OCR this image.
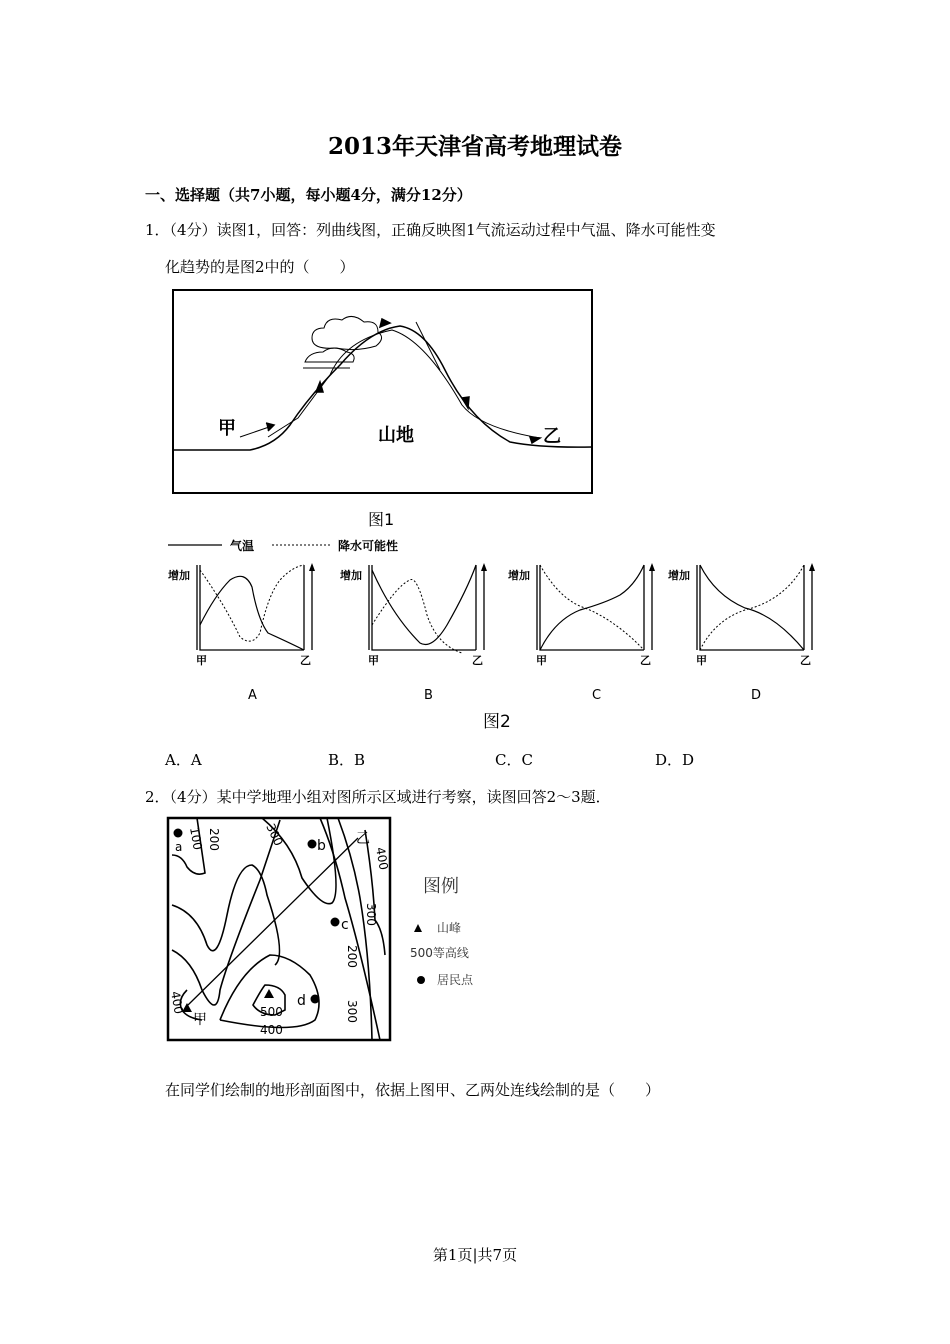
2013年天津省高考地理试卷
一、选择题（共7小题，每小题4分，满分12分）
1．（4分）读图1，回答：列曲线图，正确反映图1气流运动过程中气温、降水可能性变
化趋势的是图2中的（　　）
甲	乙
山地
图1
气温	降水可能性
增加
甲	乙
A
增加
甲	乙
B
增加
甲	乙
C
增加
甲	乙
D
图2
a	b
c
d
甲
乙
100 200	300
300
400
200
300
400	500
400
图例
山峰
500等高线
居民点
A．A	B．B	C．C	D．D
2．（4分）某中学地理小组对图所示区域进行考察，读图回答2～3题．
在同学们绘制的地形剖面图中，依据上图甲、乙两处连线绘制的是（　　）
第1页|共7页
